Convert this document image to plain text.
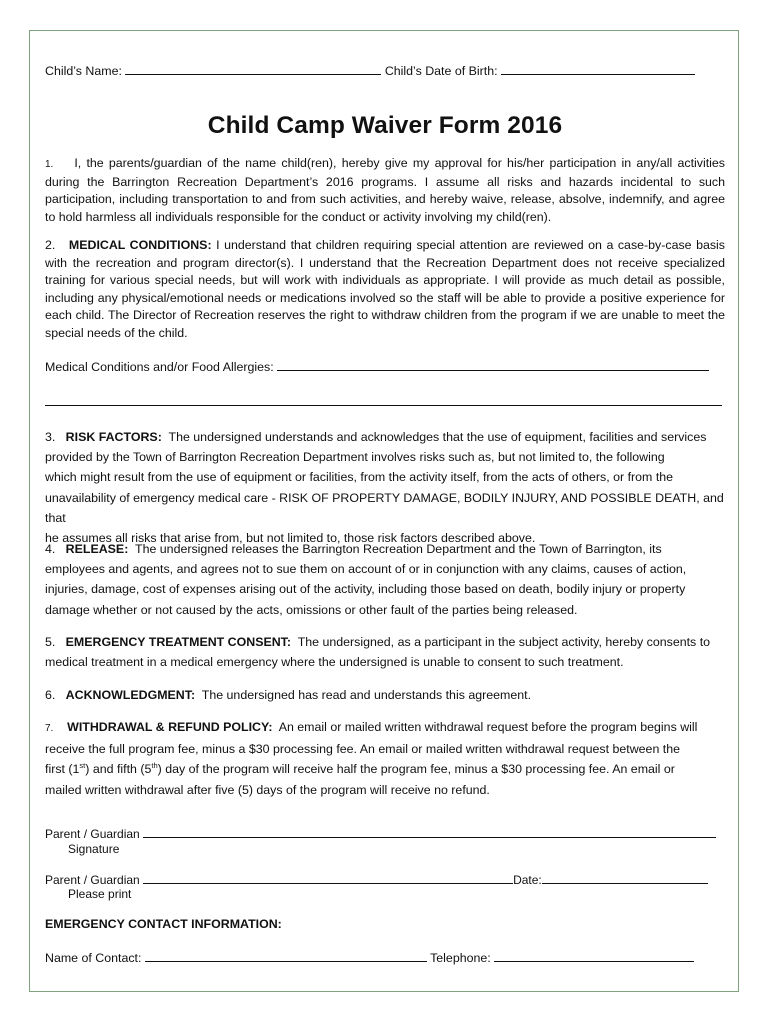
Child’s Name:	Child’s Date of Birth:
Child Camp Waiver Form 2016
1. I, the parents/guardian of the name child(ren), hereby give my approval for his/her participation in any/all activities during the Barrington Recreation Department’s 2016 programs. I assume all risks and hazards incidental to such participation, including transportation to and from such activities, and hereby waive, release, absolve, indemnify, and agree to hold harmless all individuals responsible for the conduct or activity involving my child(ren).
2. MEDICAL CONDITIONS: I understand that children requiring special attention are reviewed on a case-by-case basis with the recreation and program director(s). I understand that the Recreation Department does not receive specialized training for various special needs, but will work with individuals as appropriate. I will provide as much detail as possible, including any physical/emotional needs or medications involved so the staff will be able to provide a positive experience for each child. The Director of Recreation reserves the right to withdraw children from the program if we are unable to meet the special needs of the child.
Medical Conditions and/or Food Allergies:
3. RISK FACTORS: The undersigned understands and acknowledges that the use of equipment, facilities and services
provided by the Town of Barrington Recreation Department involves risks such as, but not limited to, the following
which might result from the use of equipment or facilities, from the activity itself, from the acts of others, or from the
unavailability of emergency medical care - RISK OF PROPERTY DAMAGE, BODILY INJURY, AND POSSIBLE DEATH, and that
he assumes all risks that arise from, but not limited to, those risk factors described above.
4. RELEASE: The undersigned releases the Barrington Recreation Department and the Town of Barrington, its
employees and agents, and agrees not to sue them on account of or in conjunction with any claims, causes of action,
injuries, damage, cost of expenses arising out of the activity, including those based on death, bodily injury or property
damage whether or not caused by the acts, omissions or other fault of the parties being released.
5. EMERGENCY TREATMENT CONSENT: The undersigned, as a participant in the subject activity, hereby consents to
medical treatment in a medical emergency where the undersigned is unable to consent to such treatment.
6. ACKNOWLEDGMENT: The undersigned has read and understands this agreement.
7. WITHDRAWAL & REFUND POLICY: An email or mailed written withdrawal request before the program begins will
receive the full program fee, minus a $30 processing fee. An email or mailed written withdrawal request between the
first (1st) and fifth (5th) day of the program will receive half the program fee, minus a $30 processing fee. An email or
mailed written withdrawal after five (5) days of the program will receive no refund.
Parent / Guardian
Signature
Parent / Guardian	Date:
Please print
EMERGENCY CONTACT INFORMATION:
Name of Contact:	Telephone:
